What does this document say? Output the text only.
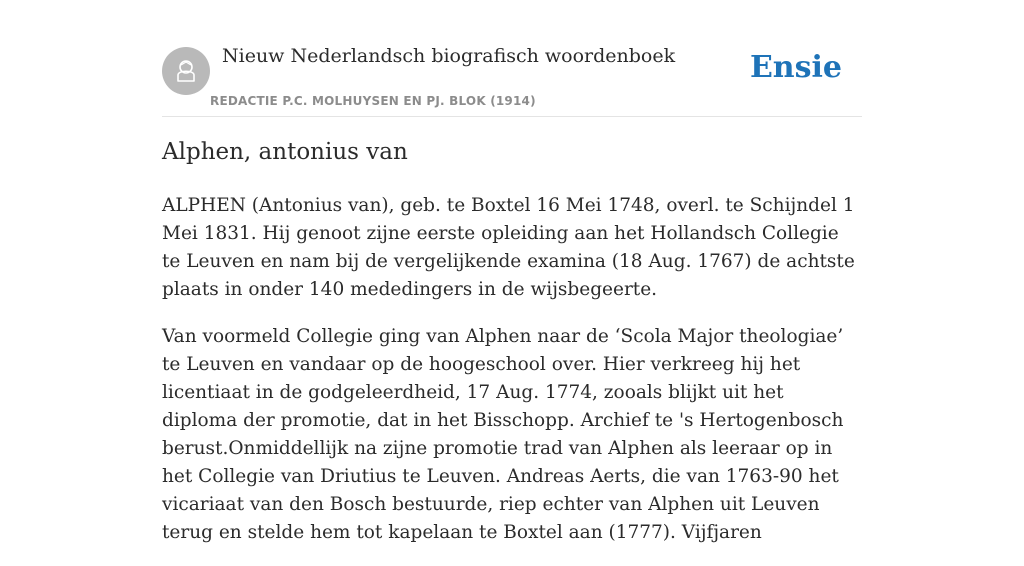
Nieuw Nederlandsch biografisch woordenboek
REDACTIE P.C. MOLHUYSEN EN PJ. BLOK (1914)
Ensie
Alphen, antonius van

ALPHEN (Antonius van), geb. te Boxtel 16 Mei 1748, overl. te Schijndel 1 Mei 1831. Hij genoot zijne eerste opleiding aan het Hollandsch Collegie te Leuven en nam bij de vergelijkende examina (18 Aug. 1767) de achtste plaats in onder 140 mededingers in de wijsbegeerte.

Van voormeld Collegie ging van Alphen naar de ‘Scola Major theologiae’ te Leuven en vandaar op de hoogeschool over. Hier verkreeg hij het licentiaat in de godgeleerdheid, 17 Aug. 1774, zooals blijkt uit het diploma der promotie, dat in het Bisschopp. Archief te 's Hertogenbosch berust.Onmiddellijk na zijne promotie trad van Alphen als leeraar op in het Collegie van Driutius te Leuven. Andreas Aerts, die van 1763-90 het vicariaat van den Bosch bestuurde, riep echter van Alphen uit Leuven terug en stelde hem tot kapelaan te Boxtel aan (1777). Vijfjaren
